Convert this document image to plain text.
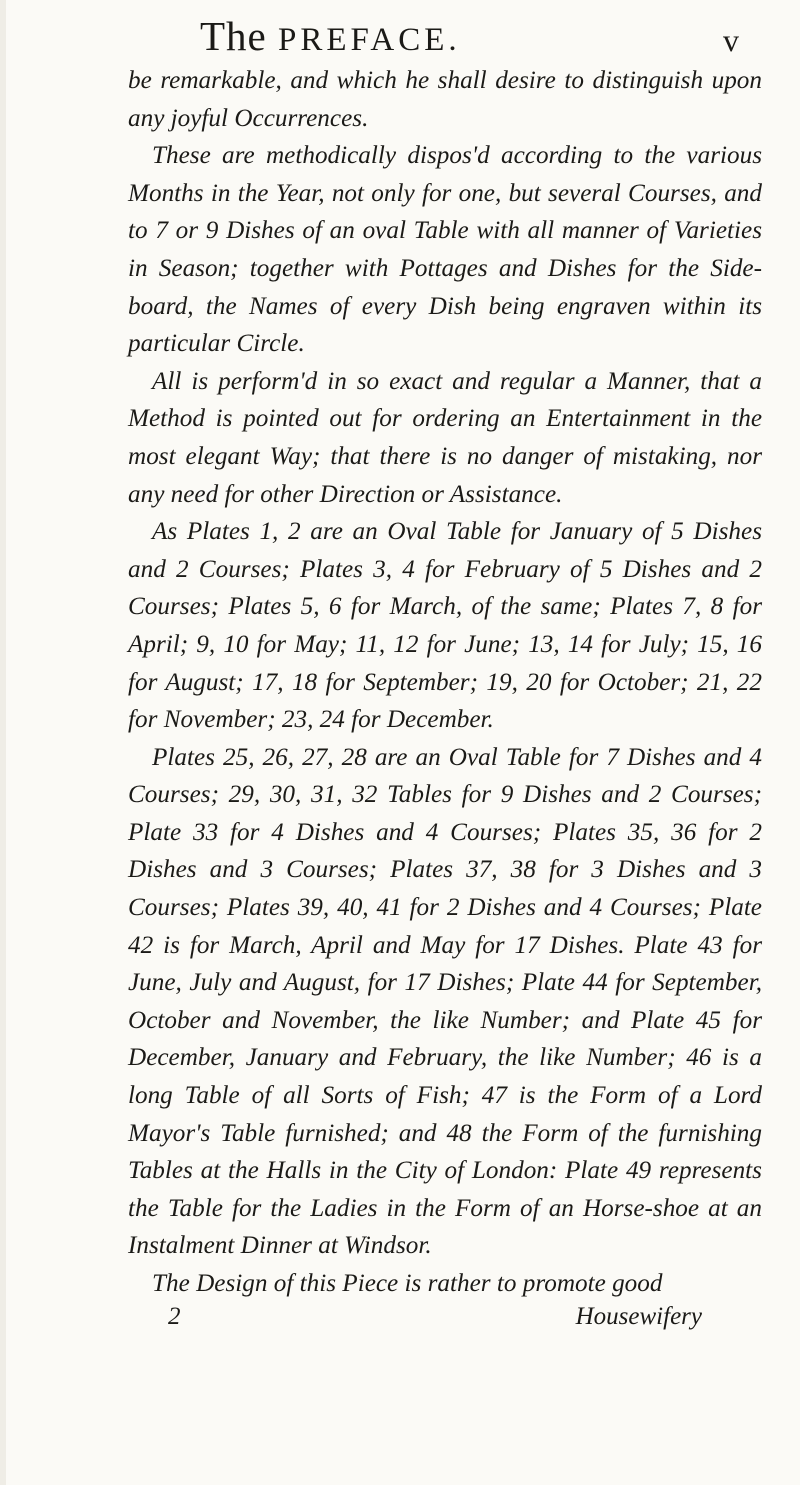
The PREFACE.	v

be remarkable, and which he shall desire to distinguish upon any joyful Occurrences.

These are methodically dispos'd according to the various Months in the Year, not only for one, but several Courses, and to 7 or 9 Dishes of an oval Table with all manner of Varieties in Season; together with Pottages and Dishes for the Side-board, the Names of every Dish being engraven within its particular Circle.

All is perform'd in so exact and regular a Manner, that a Method is pointed out for ordering an Entertainment in the most elegant Way; that there is no danger of mistaking, nor any need for other Direction or Assistance.

As Plates 1, 2 are an Oval Table for January of 5 Dishes and 2 Courses; Plates 3, 4 for February of 5 Dishes and 2 Courses; Plates 5, 6 for March, of the same; Plates 7, 8 for April; 9, 10 for May; 11, 12 for June; 13, 14 for July; 15, 16 for August; 17, 18 for September; 19, 20 for October; 21, 22 for November; 23, 24 for December.

Plates 25, 26, 27, 28 are an Oval Table for 7 Dishes and 4 Courses; 29, 30, 31, 32 Tables for 9 Dishes and 2 Courses; Plate 33 for 4 Dishes and 4 Courses; Plates 35, 36 for 2 Dishes and 3 Courses; Plates 37, 38 for 3 Dishes and 3 Courses; Plates 39, 40, 41 for 2 Dishes and 4 Courses; Plate 42 is for March, April and May for 17 Dishes. Plate 43 for June, July and August, for 17 Dishes; Plate 44 for September, October and November, the like Number; and Plate 45 for December, January and February, the like Number; 46 is a long Table of all Sorts of Fish; 47 is the Form of a Lord Mayor's Table furnished; and 48 the Form of the furnishing Tables at the Halls in the City of London: Plate 49 represents the Table for the Ladies in the Form of an Horse-shoe at an Instalment Dinner at Windsor.

The Design of this Piece is rather to promote good

2	Housewifery
